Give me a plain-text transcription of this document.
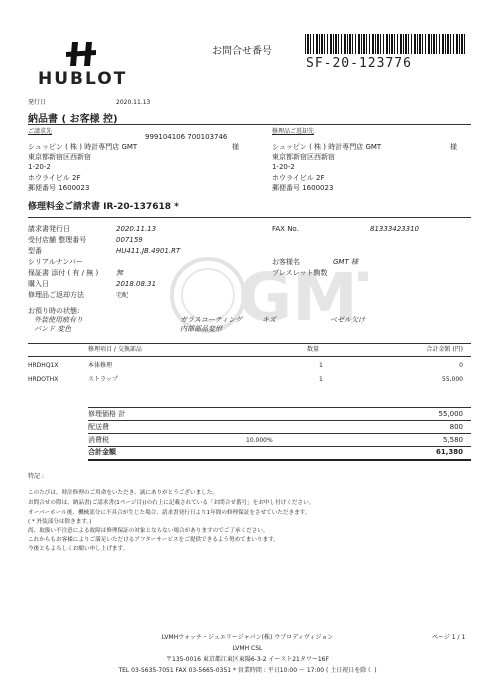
GM
HUBLOT
お問合せ番号
SF-20-123776
発行日	2020.11.13
納品書 ( お客様 控)
ご請求先
999104106 700103746
シュッピン ( 株 ) 時計専門店 GMT	様
東京都新宿区西新宿
1-20-2
ホウライビル 2F
郵便番号 1600023
修理品ご返却先
シュッピン ( 株 ) 時計専門店 GMT	様
東京都新宿区西新宿
1-20-2
ホウライビル 2F
郵便番号 1600023
修理料金ご請求書 IR-20-137618 *
請求書発行日	2020.11.13
受付店舗 整理番号	007159
型番	HU411.JB.4901.RT
シリアルナンバー
保証書 添付 ( 有 / 無 )	無
購入日	2018.08.31
修理品ご返却方法	宅配
FAX No.	81333423310
お客様名	GMT 様
ブレスレット駒数
お預り時の状態:
外装使用痕有り	ガラスコーティング	キズ	ベゼル欠け
バンド 変色	内部部品変形
修理項目 / 交換部品	数量	合計金額 (円)
HRDHQ1X	本体修理	1	0
HRDOTHX	ストラップ	1	55,000
修理価格 計	55,000
配送費	800
消費税	10.000%	5,580
合計金額	61,380
特記 :
このたびは、時計修理のご用命をいただき、誠にありがとうございました。
お問合せの際は、納品書(ご請求書(1ページ目))の右上に記載されている「お問合せ番号」をお申し付けください。
オーバーホール後、機械部分に不具合が生じた場合、請求書発行日より1年間の修理保証をさせていただきます。
( * 外装部分は除きます。)
尚、取扱い不注意による故障は修理保証の対象とならない場合がありますのでご了承ください。
これからもお客様によりご満足いただけるアフターサービスをご提供できるよう努めてまいります。
今後ともよろしくお願い申し上げます。
LVMHウォッチ・ジュエリージャパン(株) ウブロディヴィジョン	ページ 1 / 1
LVMH CSL
〒135-0016 東京都江東区東陽6-3-2 イースト21タワー16F
TEL 03-5635-7051 FAX 03-5665-0351 * 営業時間 : 平日10:00 ～ 17:00 ( 土日祝日を除く )
